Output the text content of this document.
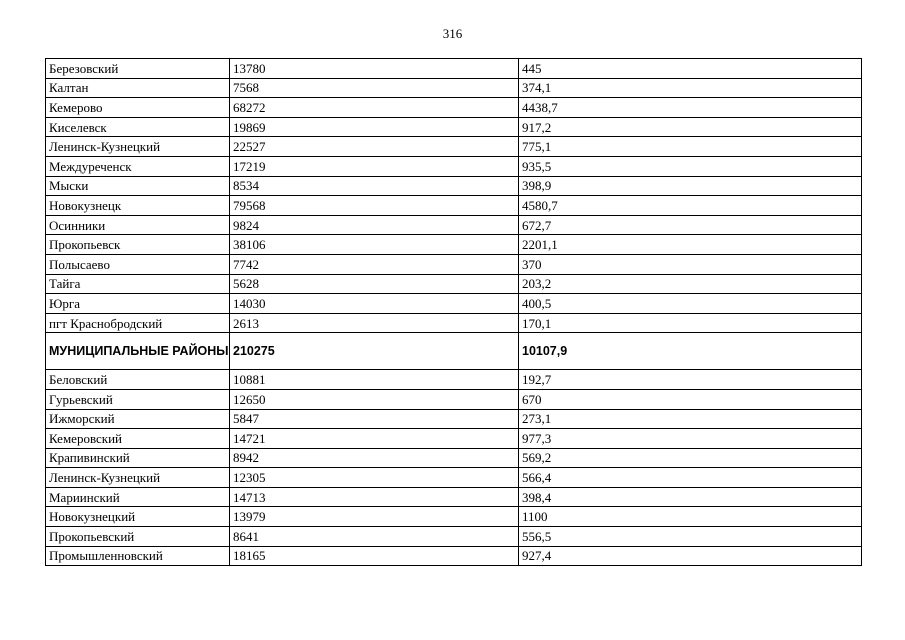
316
Березовский	13780	445
Калтан	7568	374,1
Кемерово	68272	4438,7
Киселевск	19869	917,2
Ленинск-Кузнецкий	22527	775,1
Междуреченск	17219	935,5
Мыски	8534	398,9
Новокузнецк	79568	4580,7
Осинники	9824	672,7
Прокопьевск	38106	2201,1
Полысаево	7742	370
Тайга	5628	203,2
Юрга	14030	400,5
пгт Краснобродский	2613	170,1
МУНИЦИПАЛЬНЫЕ РАЙОНЫ	210275	10107,9
Беловский	10881	192,7
Гурьевский	12650	670
Ижморский	5847	273,1
Кемеровский	14721	977,3
Крапивинский	8942	569,2
Ленинск-Кузнецкий	12305	566,4
Мариинский	14713	398,4
Новокузнецкий	13979	1100
Прокопьевский	8641	556,5
Промышленновский	18165	927,4
